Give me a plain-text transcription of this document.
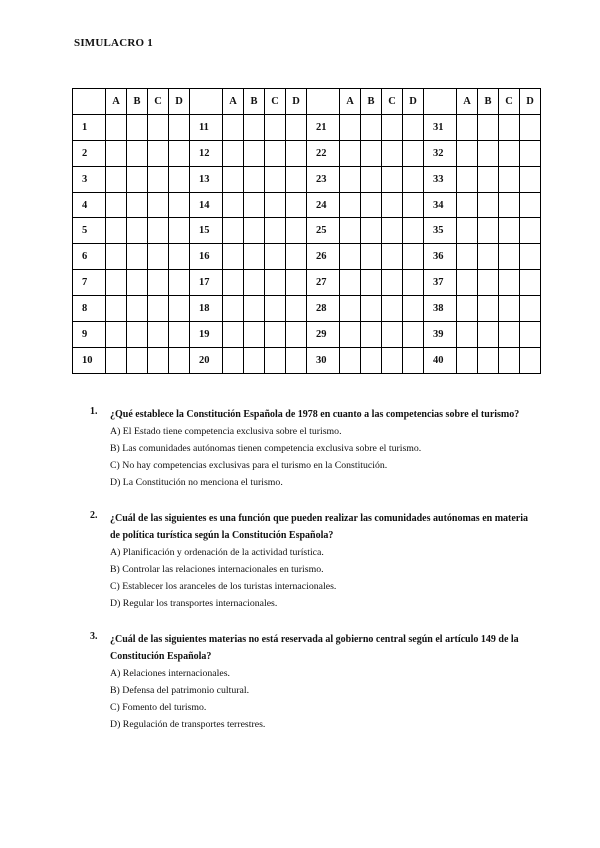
SIMULACRO 1
	A	B	C	D		A	B	C	D		A	B	C	D		A	B	C	D
1					11					21					31				
2					12					22					32				
3					13					23					33				
4					14					24					34				
5					15					25					35				
6					16					26					36				
7					17					27					37				
8					18					28					38				
9					19					29					39				
10					20					30					40				
1.	¿Qué establece la Constitución Española de 1978 en cuanto a las competencias sobre el turismo?
A) El Estado tiene competencia exclusiva sobre el turismo.
B) Las comunidades autónomas tienen competencia exclusiva sobre el turismo.
C) No hay competencias exclusivas para el turismo en la Constitución.
D) La Constitución no menciona el turismo.
2.	¿Cuál de las siguientes es una función que pueden realizar las comunidades autónomas en materia de política turística según la Constitución Española?
A) Planificación y ordenación de la actividad turística.
B) Controlar las relaciones internacionales en turismo.
C) Establecer los aranceles de los turistas internacionales.
D) Regular los transportes internacionales.
3.	¿Cuál de las siguientes materias no está reservada al gobierno central según el artículo 149 de la Constitución Española?
A) Relaciones internacionales.
B) Defensa del patrimonio cultural.
C) Fomento del turismo.
D) Regulación de transportes terrestres.
